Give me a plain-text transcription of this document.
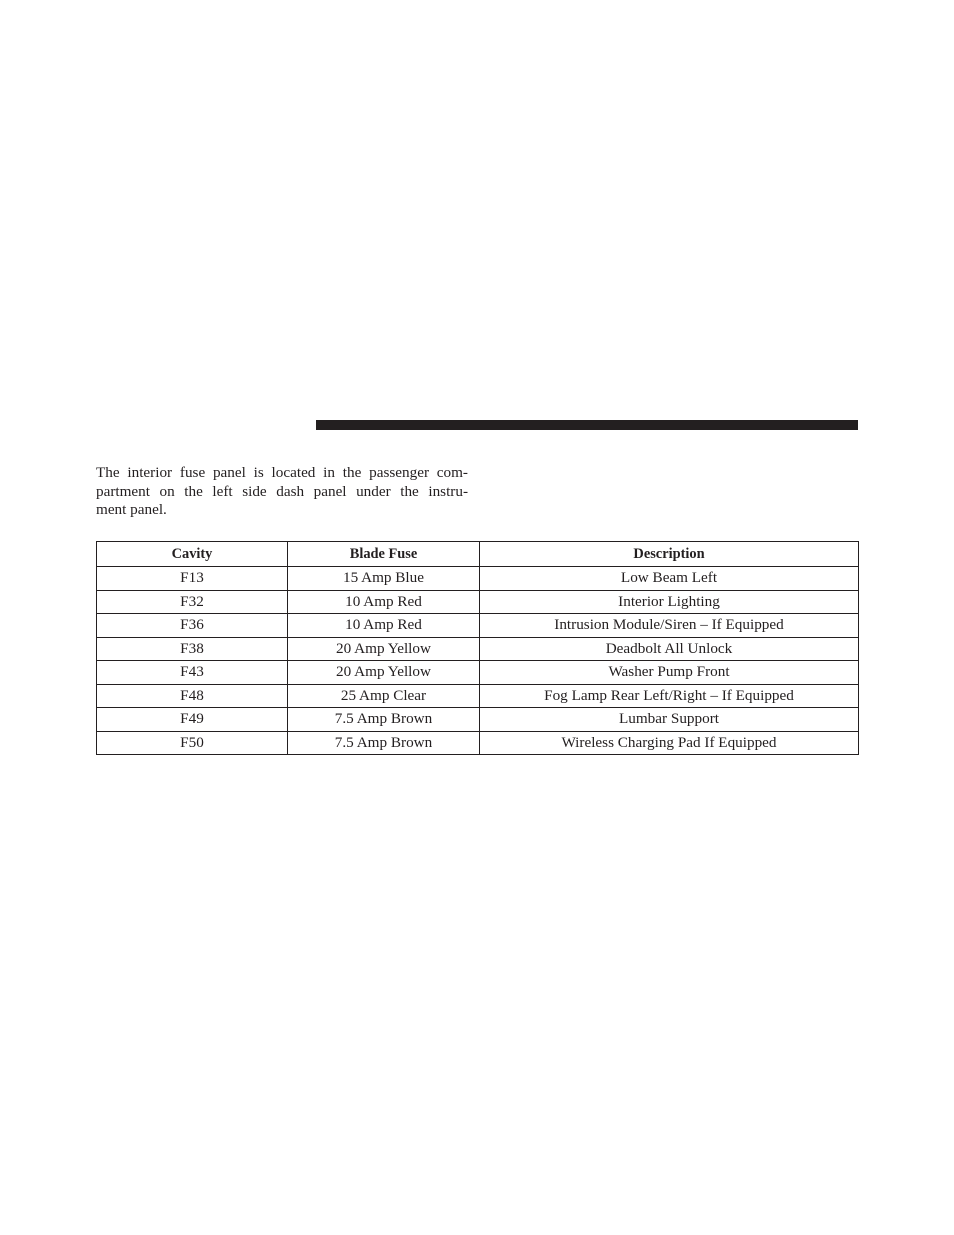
The interior fuse panel is located in the passenger com-
partment on the left side dash panel under the instru-
ment panel.

Cavity	Blade Fuse	Description
F13	15 Amp Blue	Low Beam Left
F32	10 Amp Red	Interior Lighting
F36	10 Amp Red	Intrusion Module/Siren – If Equipped
F38	20 Amp Yellow	Deadbolt All Unlock
F43	20 Amp Yellow	Washer Pump Front
F48	25 Amp Clear	Fog Lamp Rear Left/Right – If Equipped
F49	7.5 Amp Brown	Lumbar Support
F50	7.5 Amp Brown	Wireless Charging Pad If Equipped
